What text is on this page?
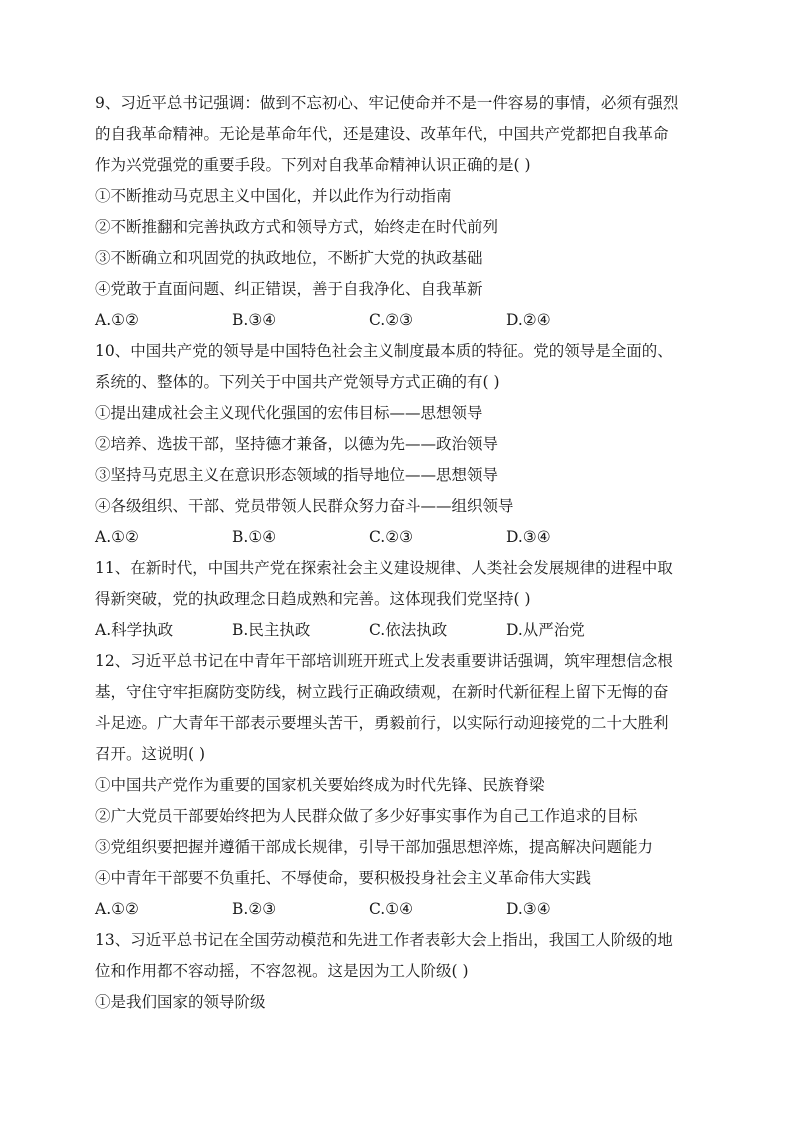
9、习近平总书记强调：做到不忘初心、牢记使命并不是一件容易的事情，必须有强烈
的自我革命精神。无论是革命年代，还是建设、改革年代，中国共产党都把自我革命
作为兴党强党的重要手段。下列对自我革命精神认识正确的是( )
①不断推动马克思主义中国化，并以此作为行动指南
②不断推翻和完善执政方式和领导方式，始终走在时代前列
③不断确立和巩固党的执政地位，不断扩大党的执政基础
④党敢于直面问题、纠正错误，善于自我净化、自我革新
A.①②	B.③④	C.②③	D.②④
10、中国共产党的领导是中国特色社会主义制度最本质的特征。党的领导是全面的、
系统的、整体的。下列关于中国共产党领导方式正确的有( )
①提出建成社会主义现代化强国的宏伟目标——思想领导
②培养、选拔干部，坚持德才兼备，以德为先——政治领导
③坚持马克思主义在意识形态领域的指导地位——思想领导
④各级组织、干部、党员带领人民群众努力奋斗——组织领导
A.①②	B.①④	C.②③	D.③④
11、在新时代，中国共产党在探索社会主义建设规律、人类社会发展规律的进程中取
得新突破，党的执政理念日趋成熟和完善。这体现我们党坚持( )
A.科学执政	B.民主执政	C.依法执政	D.从严治党
12、习近平总书记在中青年干部培训班开班式上发表重要讲话强调，筑牢理想信念根
基，守住守牢拒腐防变防线，树立践行正确政绩观，在新时代新征程上留下无悔的奋
斗足迹。广大青年干部表示要埋头苦干，勇毅前行，以实际行动迎接党的二十大胜利
召开。这说明( )
①中国共产党作为重要的国家机关要始终成为时代先锋、民族脊梁
②广大党员干部要始终把为人民群众做了多少好事实事作为自己工作追求的目标
③党组织要把握并遵循干部成长规律，引导干部加强思想淬炼，提高解决问题能力
④中青年干部要不负重托、不辱使命，要积极投身社会主义革命伟大实践
A.①②	B.②③	C.①④	D.③④
13、习近平总书记在全国劳动模范和先进工作者表彰大会上指出，我国工人阶级的地
位和作用都不容动摇，不容忽视。这是因为工人阶级( )
①是我们国家的领导阶级
